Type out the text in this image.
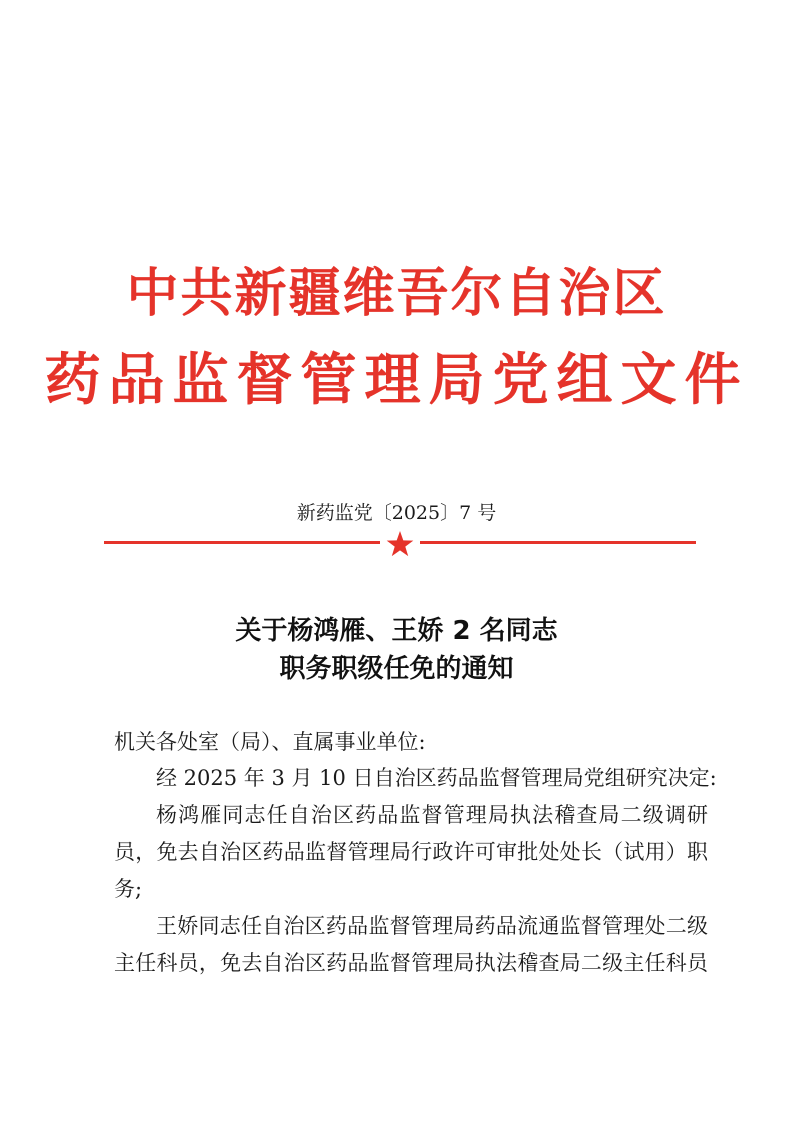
中共新疆维吾尔自治区
药品监督管理局党组文件
新药监党〔2025〕7 号
关于杨鸿雁、王娇 2 名同志
职务职级任免的通知
机关各处室（局）、直属事业单位:
经 2025 年 3 月 10 日自治区药品监督管理局党组研究决定:
杨鸿雁同志任自治区药品监督管理局执法稽查局二级调研
员，免去自治区药品监督管理局行政许可审批处处长（试用）职
务;
王娇同志任自治区药品监督管理局药品流通监督管理处二级
主任科员，免去自治区药品监督管理局执法稽查局二级主任科员
